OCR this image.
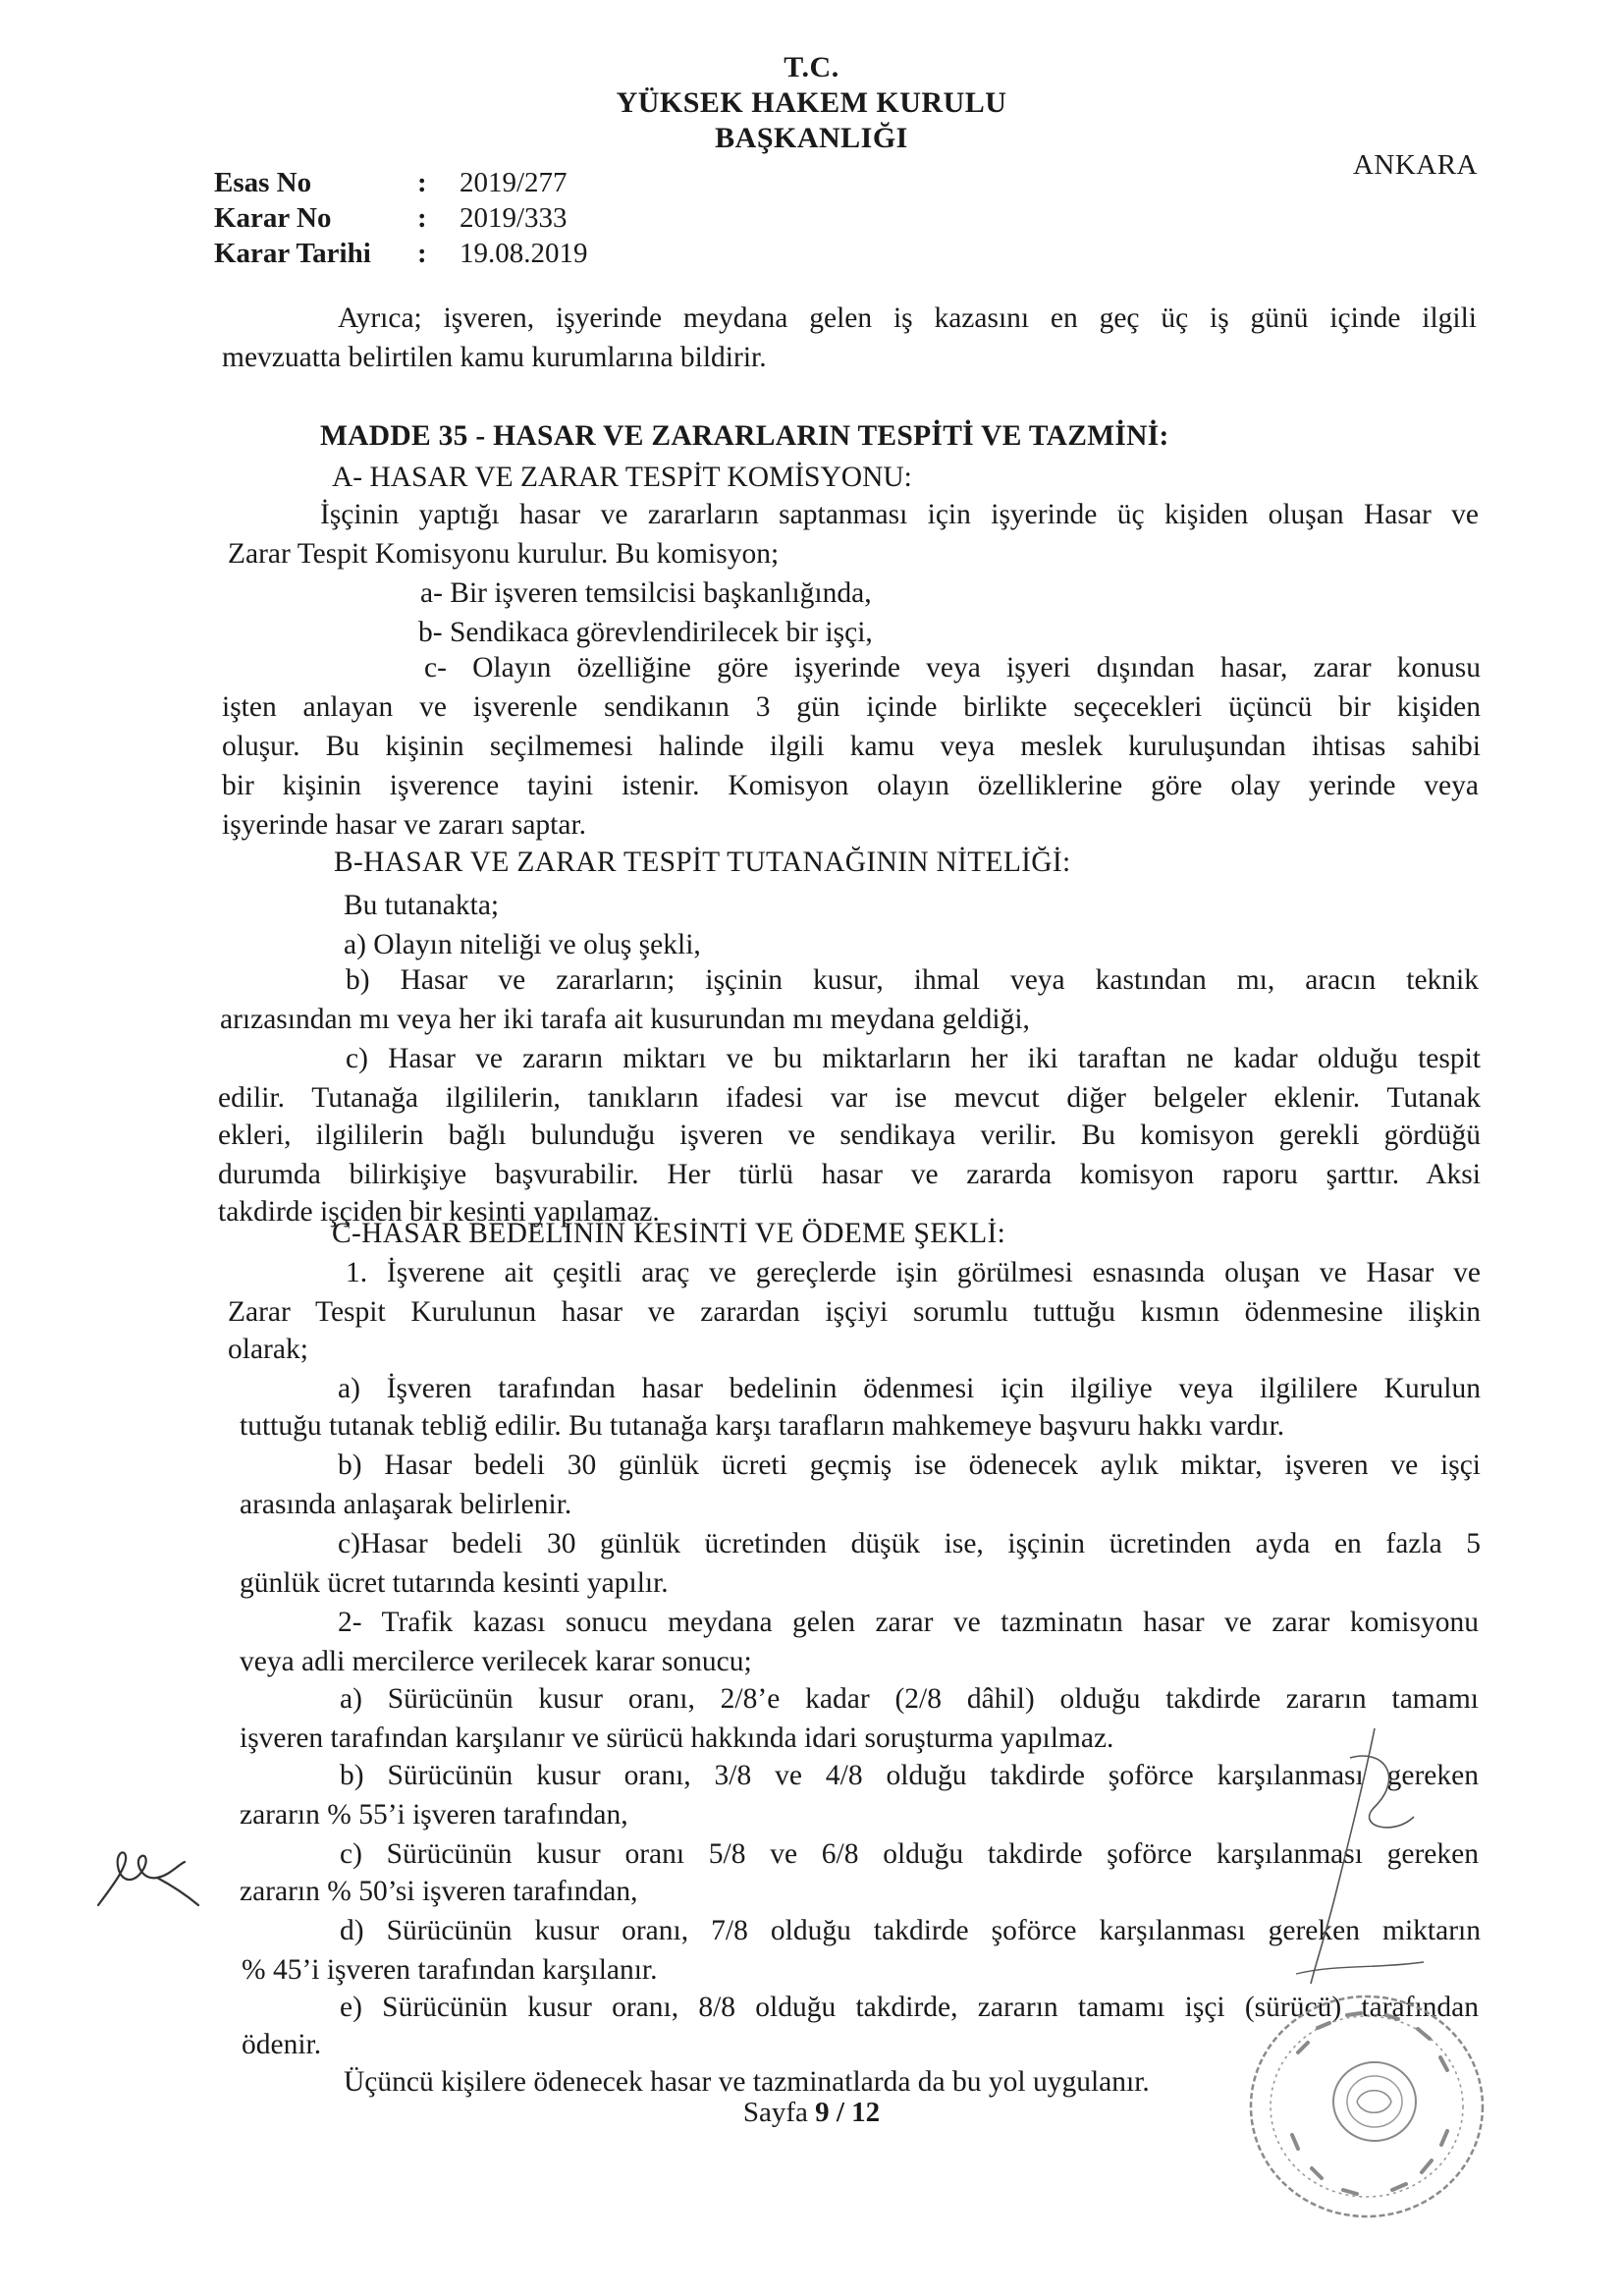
T.C.
YÜKSEK HAKEM KURULU
BAŞKANLIĞI
ANKARA
Esas No	: 2019/277
Karar No	: 2019/333
Karar Tarihi : 19.08.2019
Ayrıca; işveren, işyerinde meydana gelen iş kazasını en geç üç iş günü içinde ilgili
mevzuatta belirtilen kamu kurumlarına bildirir.
MADDE 35 - HASAR VE ZARARLARIN TESPİTİ VE TAZMİNİ:
A- HASAR VE ZARAR TESPİT KOMİSYONU:
İşçinin yaptığı hasar ve zararların saptanması için işyerinde üç kişiden oluşan Hasar ve
Zarar Tespit Komisyonu kurulur. Bu komisyon;
a- Bir işveren temsilcisi başkanlığında,
b- Sendikaca görevlendirilecek bir işçi,
c- Olayın özelliğine göre işyerinde veya işyeri dışından hasar, zarar konusu
işten anlayan ve işverenle sendikanın 3 gün içinde birlikte seçecekleri üçüncü bir kişiden
oluşur. Bu kişinin seçilmemesi halinde ilgili kamu veya meslek kuruluşundan ihtisas sahibi
bir kişinin işverence tayini istenir. Komisyon olayın özelliklerine göre olay yerinde veya
işyerinde hasar ve zararı saptar.
B-HASAR VE ZARAR TESPİT TUTANAĞININ NİTELİĞİ:
Bu tutanakta;
a) Olayın niteliği ve oluş şekli,
b) Hasar ve zararların; işçinin kusur, ihmal veya kastından mı, aracın teknik
arızasından mı veya her iki tarafa ait kusurundan mı meydana geldiği,
c) Hasar ve zararın miktarı ve bu miktarların her iki taraftan ne kadar olduğu tespit
edilir. Tutanağa ilgililerin, tanıkların ifadesi var ise mevcut diğer belgeler eklenir. Tutanak
ekleri, ilgililerin bağlı bulunduğu işveren ve sendikaya verilir. Bu komisyon gerekli gördüğü
durumda bilirkişiye başvurabilir. Her türlü hasar ve zararda komisyon raporu şarttır. Aksi
takdirde işçiden bir kesinti yapılamaz.
C-HASAR BEDELİNİN KESİNTİ VE ÖDEME ŞEKLİ:
1. İşverene ait çeşitli araç ve gereçlerde işin görülmesi esnasında oluşan ve Hasar ve
Zarar Tespit Kurulunun hasar ve zarardan işçiyi sorumlu tuttuğu kısmın ödenmesine ilişkin
olarak;
a) İşveren tarafından hasar bedelinin ödenmesi için ilgiliye veya ilgililere Kurulun
tuttuğu tutanak tebliğ edilir. Bu tutanağa karşı tarafların mahkemeye başvuru hakkı vardır.
b) Hasar bedeli 30 günlük ücreti geçmiş ise ödenecek aylık miktar, işveren ve işçi
arasında anlaşarak belirlenir.
c)Hasar bedeli 30 günlük ücretinden düşük ise, işçinin ücretinden ayda en fazla 5
günlük ücret tutarında kesinti yapılır.
2- Trafik kazası sonucu meydana gelen zarar ve tazminatın hasar ve zarar komisyonu
veya adli mercilerce verilecek karar sonucu;
a) Sürücünün kusur oranı, 2/8’e kadar (2/8 dâhil) olduğu takdirde zararın tamamı
işveren tarafından karşılanır ve sürücü hakkında idari soruşturma yapılmaz.
b) Sürücünün kusur oranı, 3/8 ve 4/8 olduğu takdirde şoförce karşılanması gereken
zararın % 55’i işveren tarafından,
c) Sürücünün kusur oranı 5/8 ve 6/8 olduğu takdirde şoförce karşılanması gereken
zararın % 50’si işveren tarafından,
d) Sürücünün kusur oranı, 7/8 olduğu takdirde şoförce karşılanması gereken miktarın
% 45’i işveren tarafından karşılanır.
e) Sürücünün kusur oranı, 8/8 olduğu takdirde, zararın tamamı işçi (sürücü) tarafından
ödenir.
Üçüncü kişilere ödenecek hasar ve tazminatlarda da bu yol uygulanır.
Sayfa 9 / 12
